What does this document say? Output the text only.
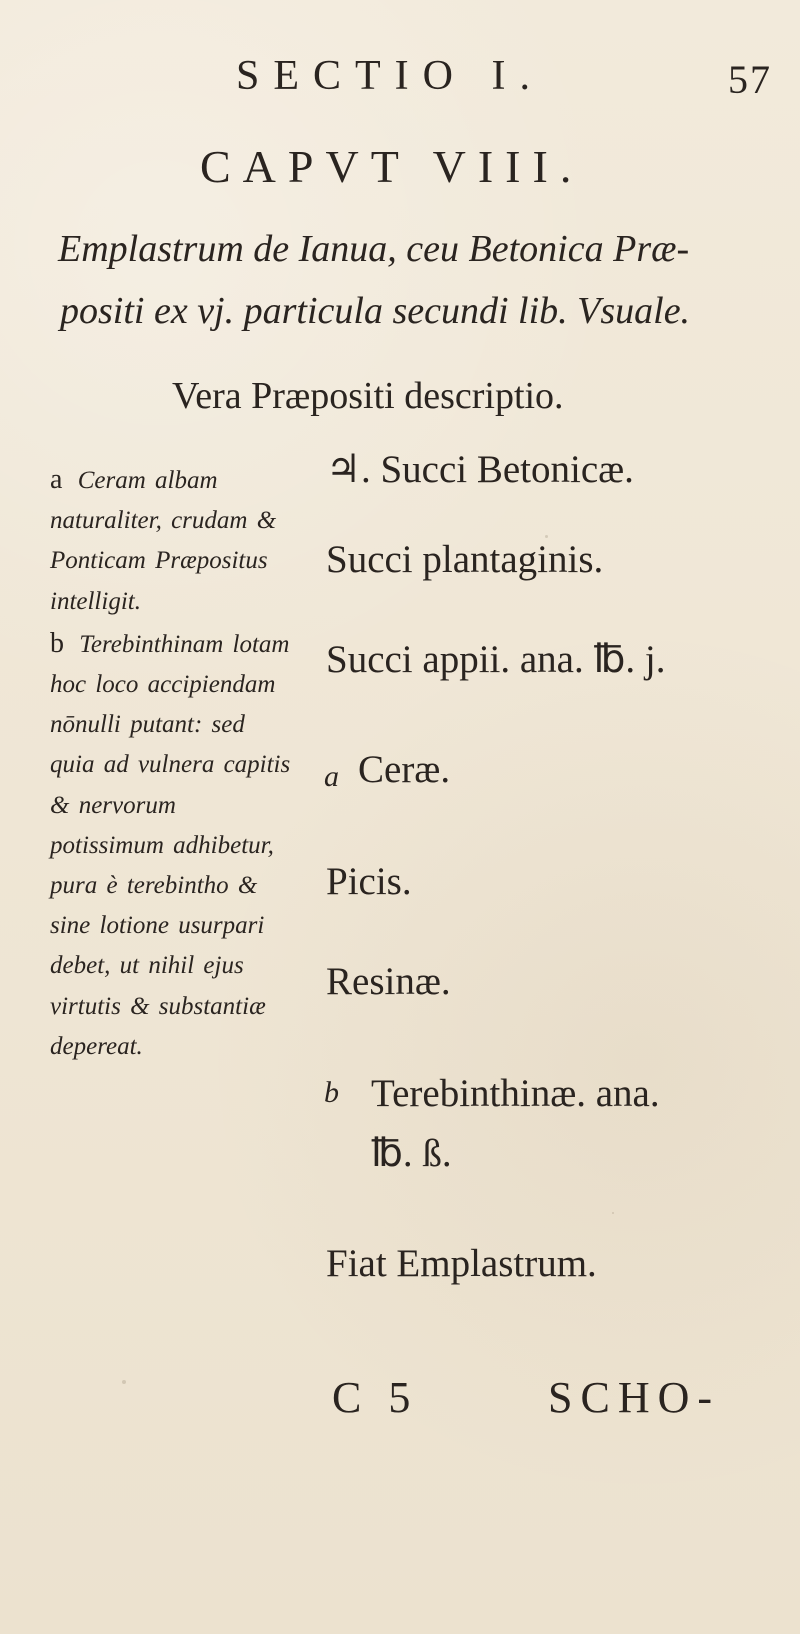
SECTIO I.	57
CAPVT VIII.
Emplastrum de Ianua, ceu Betonica Præ-
positi ex vj. particula secundi lib. Vsuale.
Vera Præpositi descriptio.

a Ceram albam naturaliter, crudam & Ponticam Præpositus intelligit.

b Terebinthinam lotam hoc loco accipiendam nōnulli putant: sed quia ad vulnera capitis & nervorum potissimum adhibetur, pura è terebintho & sine lotione usurpari debet, ut nihil ejus virtutis & substantiæ depereat.

♃. Succi Betonicæ.
Succi plantaginis.
Succi appii. ana. ℔. j.
a Ceræ.
Picis.
Resinæ.
b Terebinthinæ. ana.
℔. ß.
Fiat Emplastrum.
C 5	SCHO-
